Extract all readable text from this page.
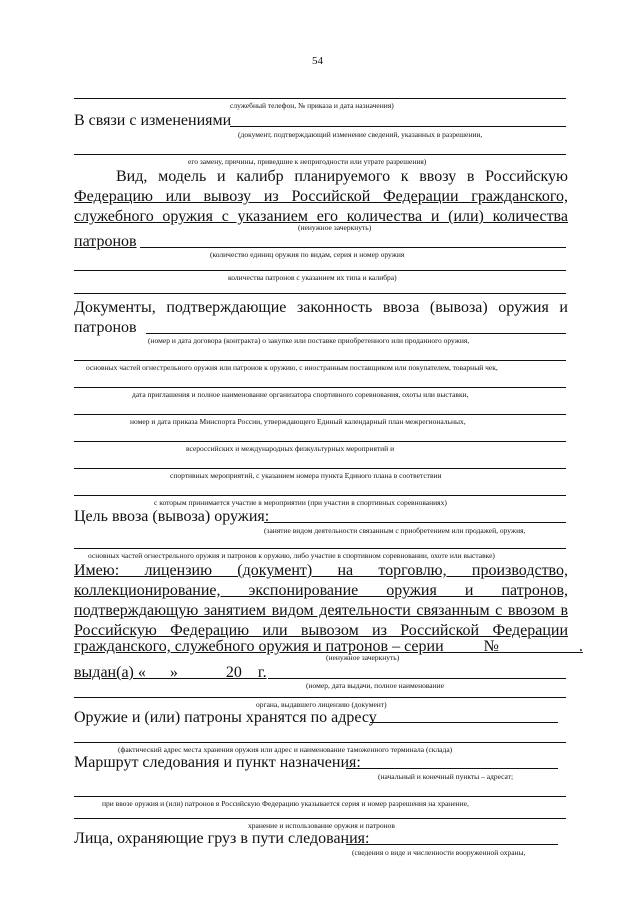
54
служебный телефон, № приказа и дата назначения)
В связи с изменениями
(документ, подтверждающий изменение сведений, указанных в разрешении,
его замену, причины, приведшие к непригодности или утрате разрешения)
Вид, модель и калибр планируемого к ввозу в Российскую
Федерацию или вывозу из Российской Федерации гражданского,
служебного оружия с указанием его количества и (или) количества
(ненужное зачеркнуть)
патронов
(количество единиц оружия по видам, серия и номер оружия
количества патронов с указанием их типа и калибра)
Документы, подтверждающие законность ввоза (вывоза) оружия и
патронов
(номер и дата договора (контракта) о закупке или поставке приобретенного или проданного оружия,
основных частей огнестрельного оружия или патронов к оружию, с иностранным поставщиком или покупателем, товарный чек,
дата приглашения и полное наименование организатора спортивного соревнования, охоты или выставки,
номер и дата приказа Минспорта России, утверждающего Единый календарный план межрегиональных,
всероссийских и международных физкультурных мероприятий и
спортивных мероприятий, с указанием номера пункта Единого плана в соответствии
с которым принимается участие в мероприятии (при участии в спортивных соревнованиях)
Цель ввоза (вывоза) оружия:
(занятие видом деятельности связанным с приобретением или продажей, оружия,
основных частей огнестрельного оружия и патронов к оружию, либо участие в спортивном соревновании, охоте или выставке)
Имею: лицензию (документ) на торговлю, производство,
коллекционирование, экспонирование оружия и патронов,
подтверждающую занятием видом деятельности связанным с ввозом в
Российскую Федерацию или вывозом из Российской Федерации
гражданского, служебного оружия и патронов – серии ____ №__________.
(ненужное зачеркнуть)
выдан(а) «___»______20__г.
(номер, дата выдачи, полное наименование
органа, выдавшего лицензию (документ)
Оружие и (или) патроны хранятся по адресу
(фактический адрес места хранения оружия или адрес и наименование таможенного терминала (склада)
Маршрут следования и пункт назначения:
(начальный и конечный пункты – адресат;
при ввозе оружия и (или) патронов в Российскую Федерацию указывается серия и номер разрешения на хранение,
хранение и использование оружия и патронов
Лица, охраняющие груз в пути следования:
(сведения о виде и численности вооруженной охраны,
